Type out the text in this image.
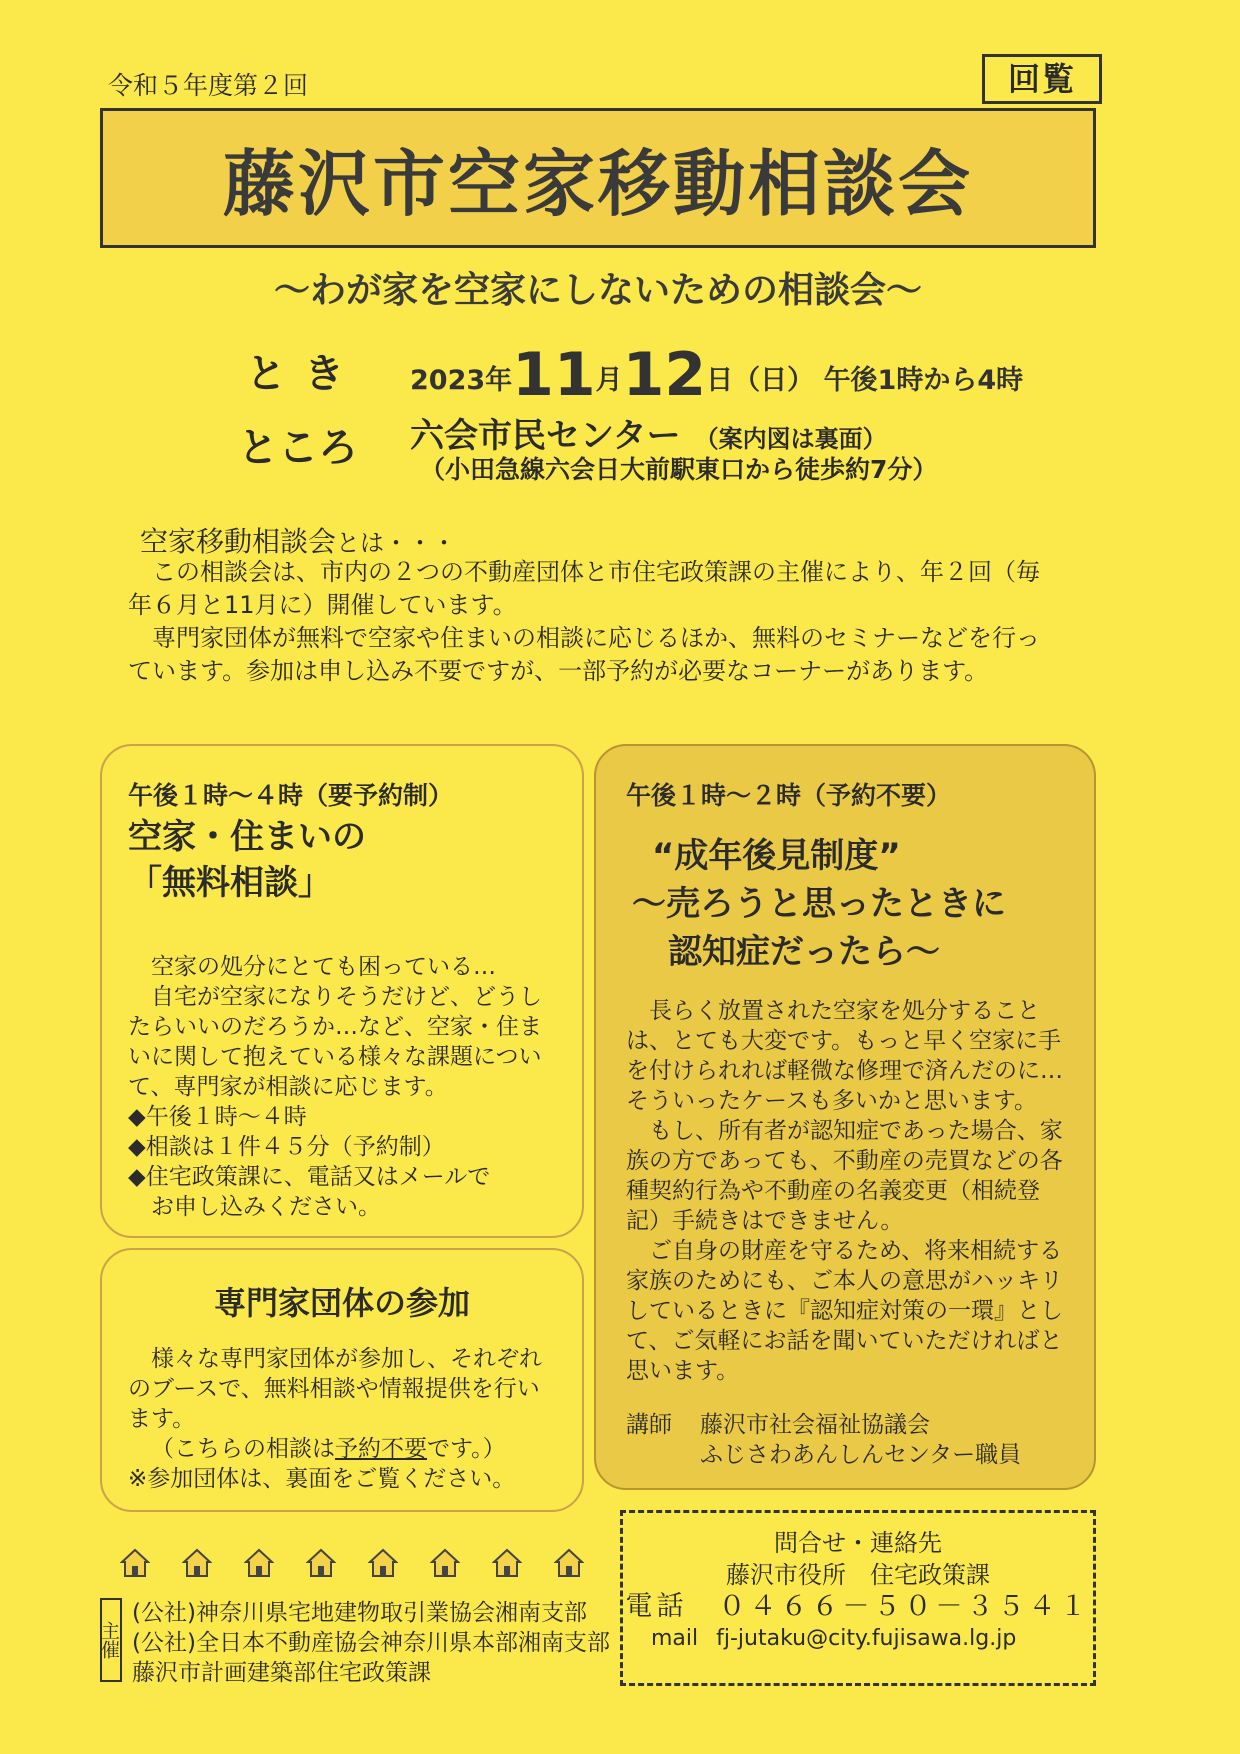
令和５年度第２回	回覧
藤沢市空家移動相談会
～わが家を空家にしないための相談会～
とき 2023年11月12日（日） 午後1時から4時
ところ 六会市民センター （案内図は裏面）
（小田急線六会日大前駅東口から徒歩約7分）
空家移動相談会とは・・・

この相談会は、市内の２つの不動産団体と市住宅政策課の主催により、年２回（毎年６月と11月に）開催しています。

専門家団体が無料で空家や住まいの相談に応じるほか、無料のセミナーなどを行っています。参加は申し込み不要ですが、一部予約が必要なコーナーがあります。

午後１時～４時（要予約制）
空家・住まいの
「無料相談」

空家の処分にとても困っている…

自宅が空家になりそうだけど、どうしたらいいのだろうか…など、空家・住まいに関して抱えている様々な課題について、専門家が相談に応じます。

◆午後１時～４時

◆相談は１件４５分（予約制）

◆住宅政策課に、電話又はメールで

お申し込みください。

専門家団体の参加

様々な専門家団体が参加し、それぞれのブースで、無料相談や情報提供を行います。

（こちらの相談は予約不要です。）

※参加団体は、裏面をご覧ください。

午後１時～２時（予約不要）
“成年後見制度”
～売ろうと思ったときに
認知症だったら～

長らく放置された空家を処分することは、とても大変です。もっと早く空家に手を付けられれば軽微な修理で済んだのに…そういったケースも多いかと思います。

もし、所有者が認知症であった場合、家族の方であっても、不動産の売買などの各種契約行為や不動産の名義変更（相続登記）手続きはできません。

ご自身の財産を守るため、将来相続する家族のためにも、ご本人の意思がハッキリしているときに『認知症対策の一環』として、ご気軽にお話を聞いていただければと思います。

講師 藤沢市社会福祉協議会
ふじさわあんしんセンター職員
主催
(公社)神奈川県宅地建物取引業協会湘南支部
(公社)全日本不動産協会神奈川県本部湘南支部
藤沢市計画建築部住宅政策課
問合せ・連絡先
藤沢市役所　住宅政策課
電話　 ０４６６－５０－３５４１
mail fj-jutaku@city.fujisawa.lg.jp
